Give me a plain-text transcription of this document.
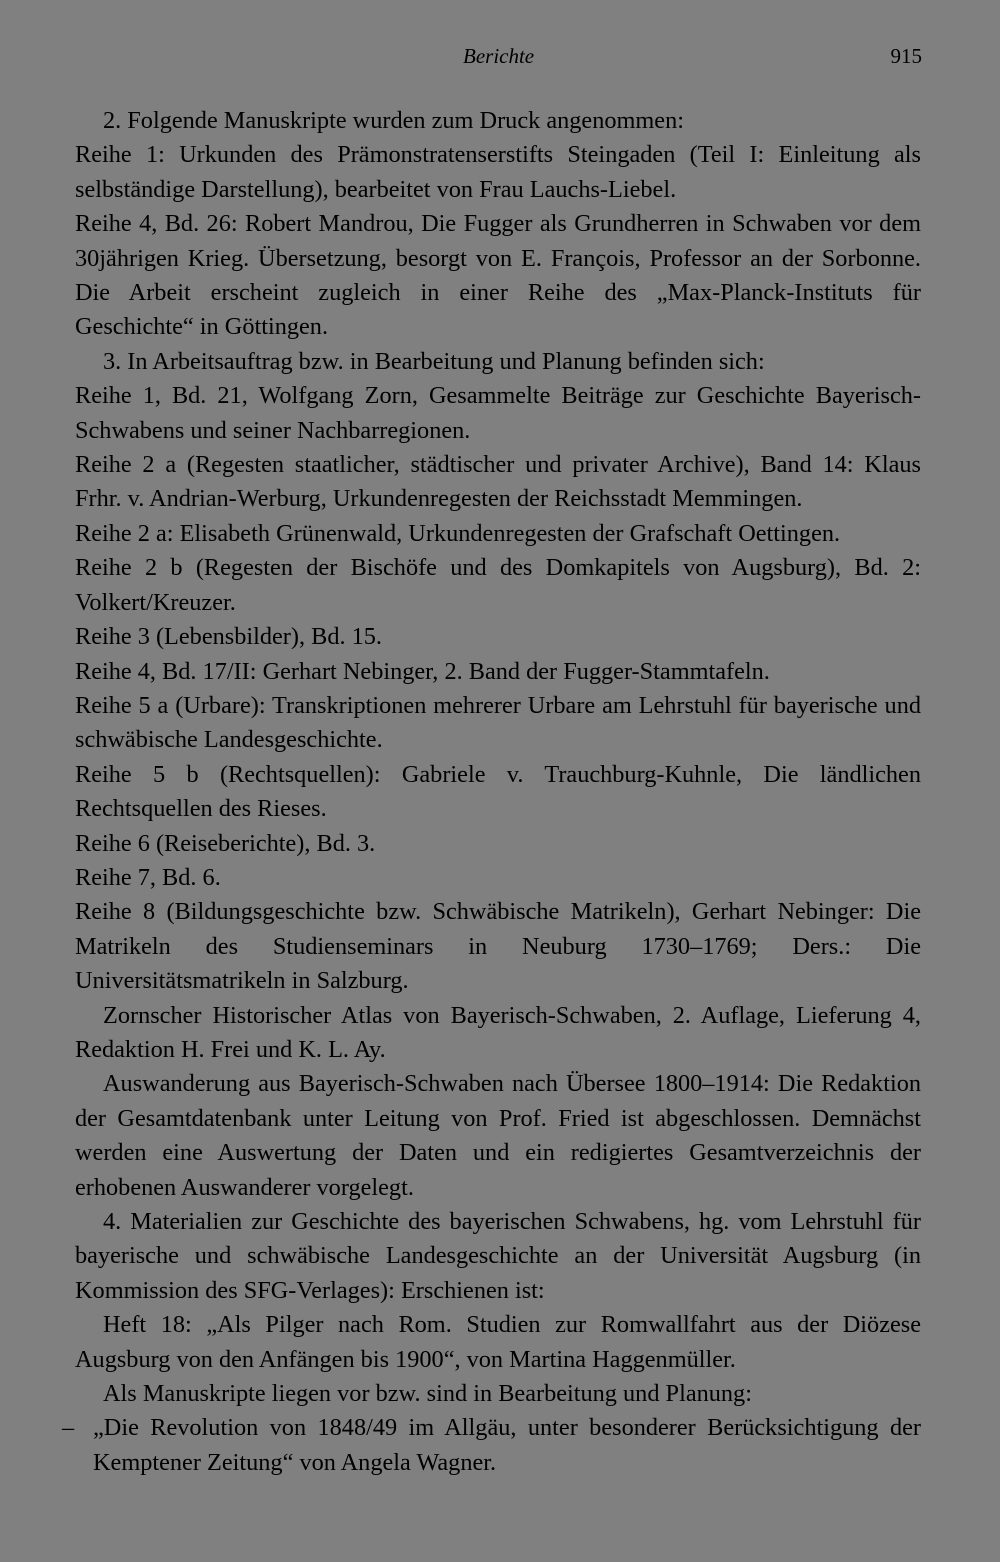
Berichte	915

2. Folgende Manuskripte wurden zum Druck angenommen:

Reihe 1: Urkunden des Prämonstratenserstifts Steingaden (Teil I: Einleitung als selbständige Darstellung), bearbeitet von Frau Lauchs-Liebel.

Reihe 4, Bd. 26: Robert Mandrou, Die Fugger als Grundherren in Schwaben vor dem 30jährigen Krieg. Übersetzung, besorgt von E. François, Professor an der Sorbonne. Die Arbeit erscheint zugleich in einer Reihe des „Max-Planck-Instituts für Geschichte“ in Göttingen.

3. In Arbeitsauftrag bzw. in Bearbeitung und Planung befinden sich:

Reihe 1, Bd. 21, Wolfgang Zorn, Gesammelte Beiträge zur Geschichte Bayerisch-Schwabens und seiner Nachbarregionen.

Reihe 2 a (Regesten staatlicher, städtischer und privater Archive), Band 14: Klaus Frhr. v. Andrian-Werburg, Urkundenregesten der Reichsstadt Memmingen.

Reihe 2 a: Elisabeth Grünenwald, Urkundenregesten der Grafschaft Oettingen.

Reihe 2 b (Regesten der Bischöfe und des Domkapitels von Augsburg), Bd. 2: Volkert/Kreuzer.

Reihe 3 (Lebensbilder), Bd. 15.

Reihe 4, Bd. 17/II: Gerhart Nebinger, 2. Band der Fugger-Stammtafeln.

Reihe 5 a (Urbare): Transkriptionen mehrerer Urbare am Lehrstuhl für bayerische und schwäbische Landesgeschichte.

Reihe 5 b (Rechtsquellen): Gabriele v. Trauchburg-Kuhnle, Die ländlichen Rechtsquellen des Rieses.

Reihe 6 (Reiseberichte), Bd. 3.

Reihe 7, Bd. 6.

Reihe 8 (Bildungsgeschichte bzw. Schwäbische Matrikeln), Gerhart Nebinger: Die Matrikeln des Studienseminars in Neuburg 1730–1769; Ders.: Die Universitätsmatrikeln in Salzburg.

Zornscher Historischer Atlas von Bayerisch-Schwaben, 2. Auflage, Lieferung 4, Redaktion H. Frei und K. L. Ay.

Auswanderung aus Bayerisch-Schwaben nach Übersee 1800–1914: Die Redaktion der Gesamtdatenbank unter Leitung von Prof. Fried ist abgeschlossen. Demnächst werden eine Auswertung der Daten und ein redigiertes Gesamtverzeichnis der erhobenen Auswanderer vorgelegt.

4. Materialien zur Geschichte des bayerischen Schwabens, hg. vom Lehrstuhl für bayerische und schwäbische Landesgeschichte an der Universität Augsburg (in Kommission des SFG-Verlages): Erschienen ist:

Heft 18: „Als Pilger nach Rom. Studien zur Romwallfahrt aus der Diözese Augsburg von den Anfängen bis 1900“, von Martina Haggenmüller.

Als Manuskripte liegen vor bzw. sind in Bearbeitung und Planung:

– „Die Revolution von 1848/49 im Allgäu, unter besonderer Berücksichtigung der Kemptener Zeitung“ von Angela Wagner.
